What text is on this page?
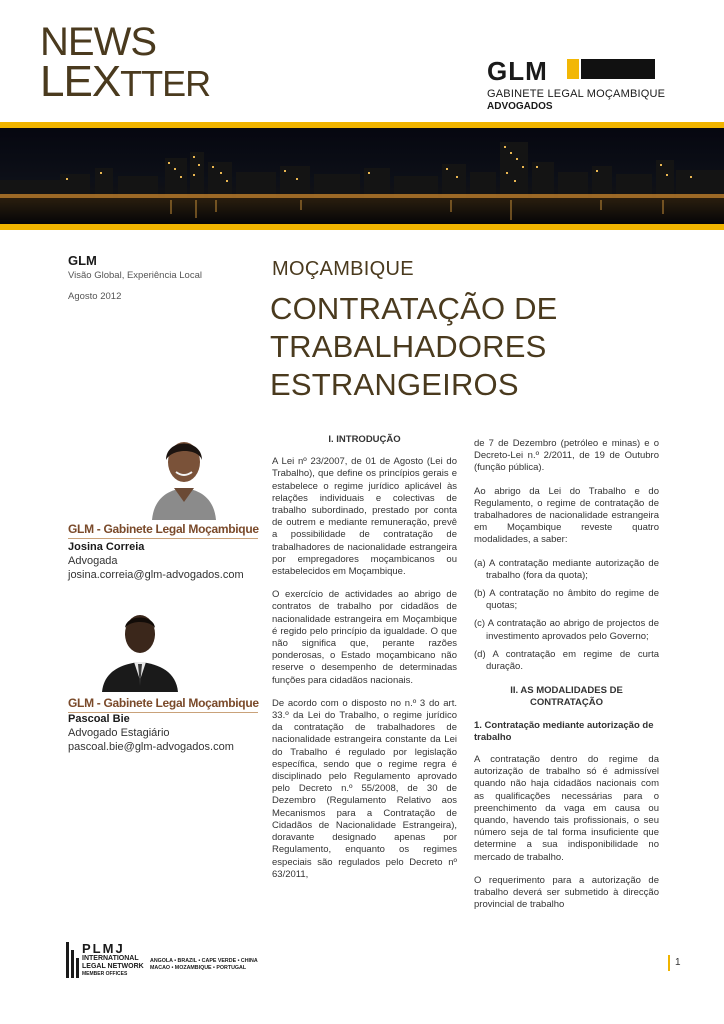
NEWS
LEXTTER	GLM
GABINETE LEGAL MOÇAMBIQUE
ADVOGADOS
GLM
Visão Global, Experiência Local
Agosto 2012
GLM - Gabinete Legal Moçambique
Josina Correia
Advogada
josina.correia@glm-advogados.com
GLM - Gabinete Legal Moçambique
Pascoal Bie
Advogado Estagiário
pascoal.bie@glm-advogados.com
MOÇAMBIQUE
CONTRATAÇÃO DE
TRABALHADORES
ESTRANGEIROS
I. INTRODUÇÃO

A Lei nº 23/2007, de 01 de Agosto (Lei do Trabalho), que define os princípios gerais e estabelece o regime jurídico aplicável às relações individuais e colectivas de trabalho subordinado, prestado por conta de outrem e mediante remuneração, prevê a possibilidade de contratação de trabalhadores de nacionalidade estrangeira por empregadores moçambicanos ou estabelecidos em Moçambique.

O exercício de actividades ao abrigo de contratos de trabalho por cidadãos de nacionalidade estrangeira em Moçambique é regido pelo princípio da igualdade. O que não significa que, perante razões ponderosas, o Estado moçambicano não reserve o desempenho de determinadas funções para cidadãos nacionais.

De acordo com o disposto no n.º 3 do art. 33.º da Lei do Trabalho, o regime jurídico da contratação de trabalhadores de nacionalidade estrangeira constante da Lei do Trabalho é regulado por legislação específica, sendo que o regime regra é disciplinado pelo Regulamento aprovado pelo Decreto n.º 55/2008, de 30 de Dezembro (Regulamento Relativo aos Mecanismos para a Contratação de Cidadãos de Nacionalidade Estrangeira), doravante designado apenas por Regulamento, enquanto os regimes especiais são regulados pelo Decreto nº 63/2011,

de 7 de Dezembro (petróleo e minas) e o Decreto-Lei n.º 2/2011, de 19 de Outubro (função pública).

Ao abrigo da Lei do Trabalho e do Regulamento, o regime de contratação de trabalhadores de nacionalidade estrangeira em Moçambique reveste quatro modalidades, a saber:

(a) A contratação mediante autorização de trabalho (fora da quota);
(b) A contratação no âmbito do regime de quotas;
(c) A contratação ao abrigo de projectos de investimento aprovados pelo Governo;
(d) A contratação em regime de curta duração.
II. AS MODALIDADES DE CONTRATAÇÃO
1. Contratação mediante autorização de trabalho

A contratação dentro do regime da autorização de trabalho só é admissível quando não haja cidadãos nacionais com as qualificações necessárias para o preenchimento da vaga em causa ou quando, havendo tais profissionais, o seu número seja de tal forma insuficiente que determine a sua indisponibilidade no mercado de trabalho.

O requerimento para a autorização de trabalho deverá ser submetido à direcção provincial de trabalho

PLMJ
INTERNATIONAL
LEGAL NETWORK
MEMBER OFFICES
ANGOLA • BRAZIL • CAPE VERDE • CHINA
MACAO • MOZAMBIQUE • PORTUGAL	1
